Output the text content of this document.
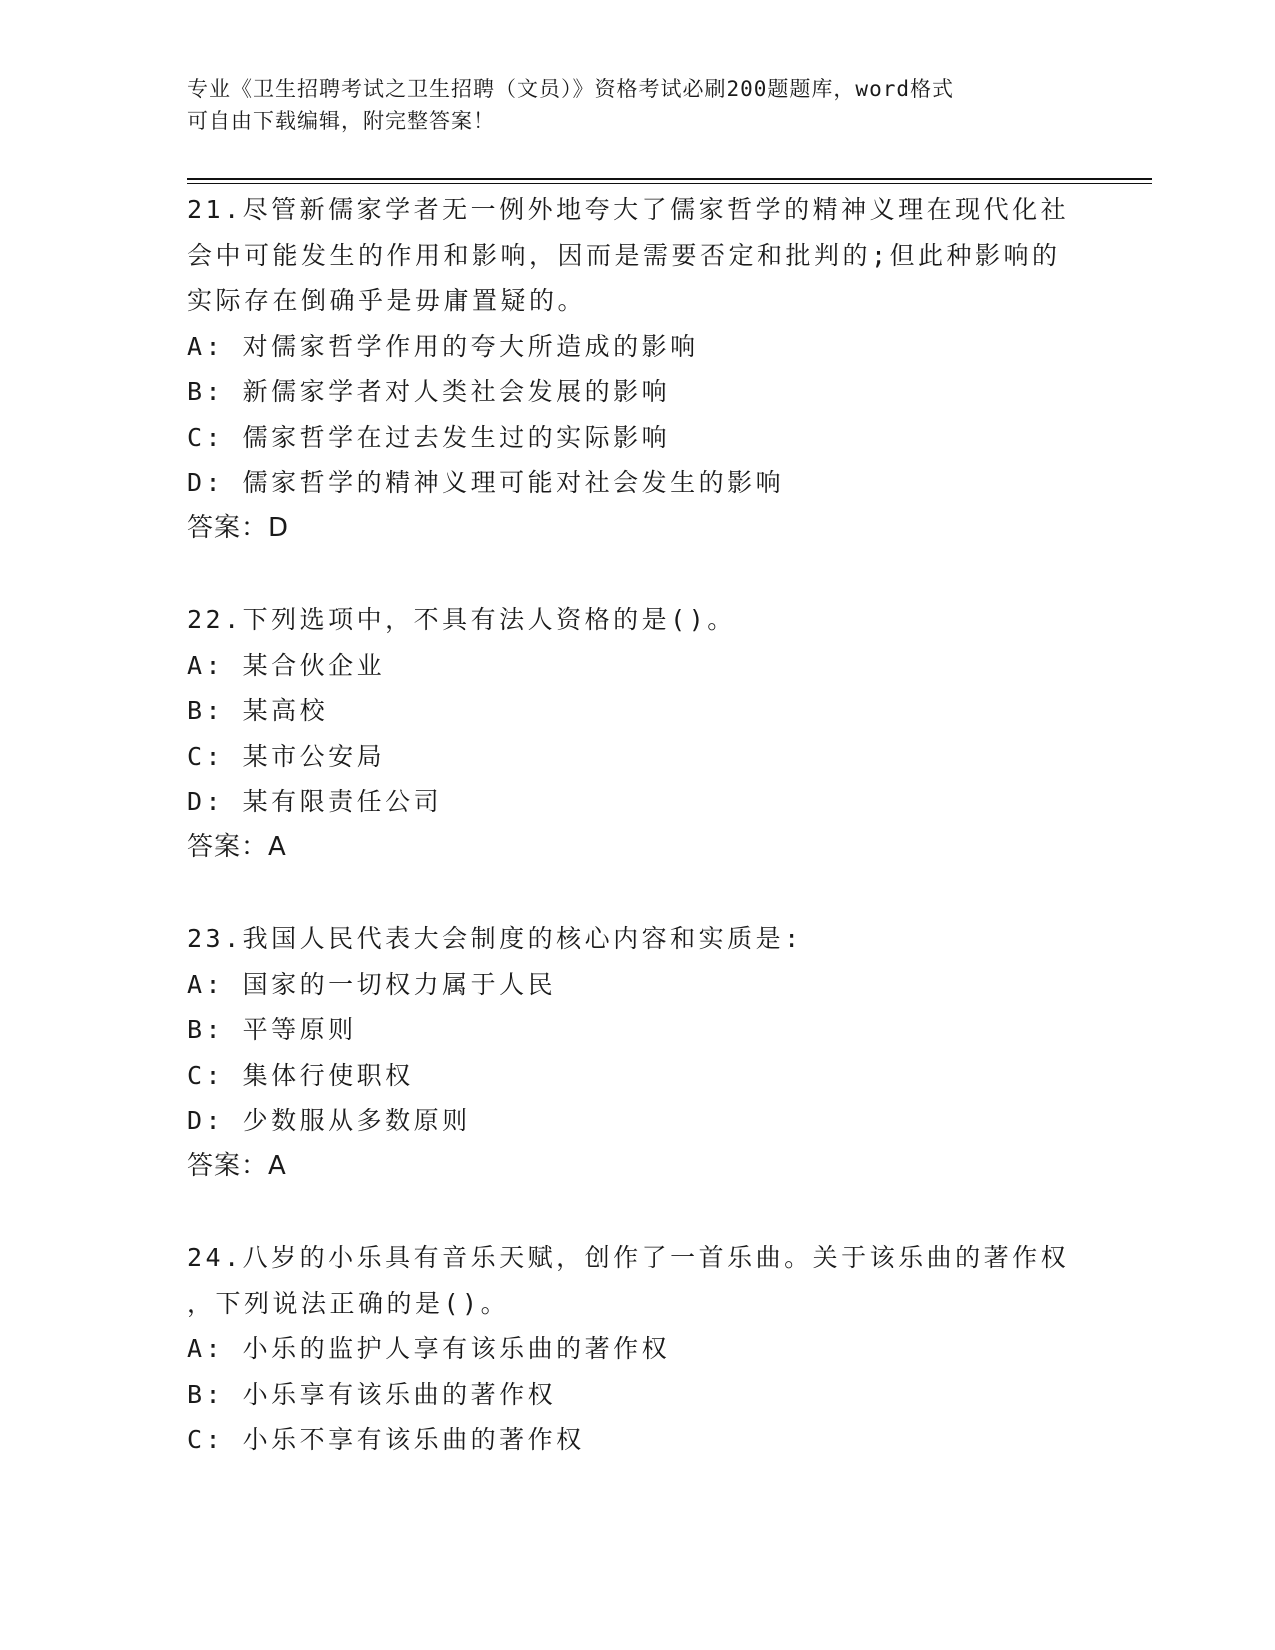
专业《卫生招聘考试之卫生招聘（文员）》资格考试必刷200题题库，word格式
可自由下载编辑，附完整答案！
21.尽管新儒家学者无一例外地夸大了儒家哲学的精神义理在现代化社
会中可能发生的作用和影响，因而是需要否定和批判的;但此种影响的
实际存在倒确乎是毋庸置疑的。
A: 对儒家哲学作用的夸大所造成的影响
B: 新儒家学者对人类社会发展的影响
C: 儒家哲学在过去发生过的实际影响
D: 儒家哲学的精神义理可能对社会发生的影响
答案：D
22.下列选项中，不具有法人资格的是()。
A: 某合伙企业
B: 某高校
C: 某市公安局
D: 某有限责任公司
答案：A
23.我国人民代表大会制度的核心内容和实质是:
A: 国家的一切权力属于人民
B: 平等原则
C: 集体行使职权
D: 少数服从多数原则
答案：A
24.八岁的小乐具有音乐天赋，创作了一首乐曲。关于该乐曲的著作权
，下列说法正确的是()。
A: 小乐的监护人享有该乐曲的著作权
B: 小乐享有该乐曲的著作权
C: 小乐不享有该乐曲的著作权
